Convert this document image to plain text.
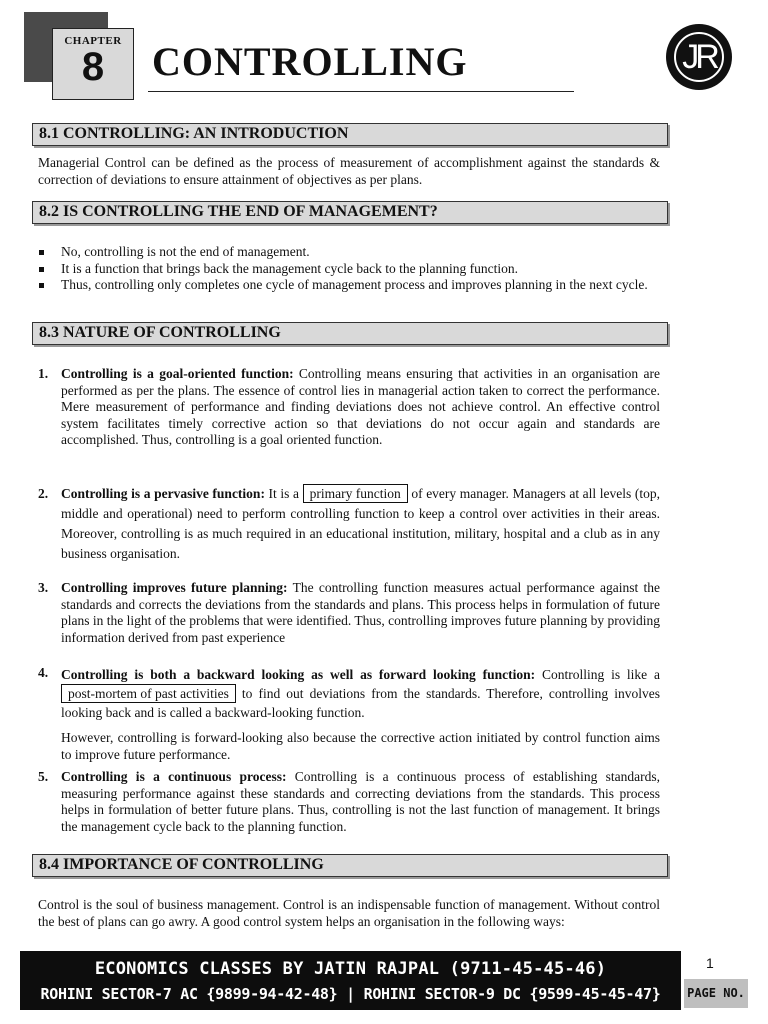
CHAPTER
8	CONTROLLING	JR
8.1 CONTROLLING: AN INTRODUCTION
Managerial Control can be defined as the process of measurement of accomplishment against the standards & correction of deviations to ensure attainment of objectives as per plans.
8.2 IS CONTROLLING THE END OF MANAGEMENT?
No, controlling is not the end of management.
It is a function that brings back the management cycle back to the planning function.
Thus, controlling only completes one cycle of management process and improves planning in the next cycle.
8.3 NATURE OF CONTROLLING
1. Controlling is a goal-oriented function: Controlling means ensuring that activities in an organisation are performed as per the plans. The essence of control lies in managerial action taken to correct the performance. Mere measurement of performance and finding deviations does not achieve control. An effective control system facilitates timely corrective action so that deviations do not occur again and standards are accomplished. Thus, controlling is a goal oriented function.
2. Controlling is a pervasive function: It is a primary function of every manager. Managers at all levels (top, middle and operational) need to perform controlling function to keep a control over activities in their areas. Moreover, controlling is as much required in an educational institution, military, hospital and a club as in any business organisation.
3. Controlling improves future planning: The controlling function measures actual performance against the standards and corrects the deviations from the standards and plans. This process helps in formulation of future plans in the light of the problems that were identified. Thus, controlling improves future planning by providing information derived from past experience
4. Controlling is both a backward looking as well as forward looking function: Controlling is like a post-mortem of past activities to find out deviations from the standards. Therefore, controlling involves looking back and is called a backward-looking function.
However, controlling is forward-looking also because the corrective action initiated by control function aims to improve future performance.
5. Controlling is a continuous process: Controlling is a continuous process of establishing standards, measuring performance against these standards and correcting deviations from the standards. This process helps in formulation of better future plans. Thus, controlling is not the last function of management. It brings the management cycle back to the planning function.
8.4 IMPORTANCE OF CONTROLLING
Control is the soul of business management. Control is an indispensable function of management. Without control the best of plans can go awry. A good control system helps an organisation in the following ways:
ECONOMICS CLASSES BY JATIN RAJPAL (9711-45-45-46)
ROHINI SECTOR-7 AC {9899-94-42-48} | ROHINI SECTOR-9 DC {9599-45-45-47}
1
PAGE NO.
